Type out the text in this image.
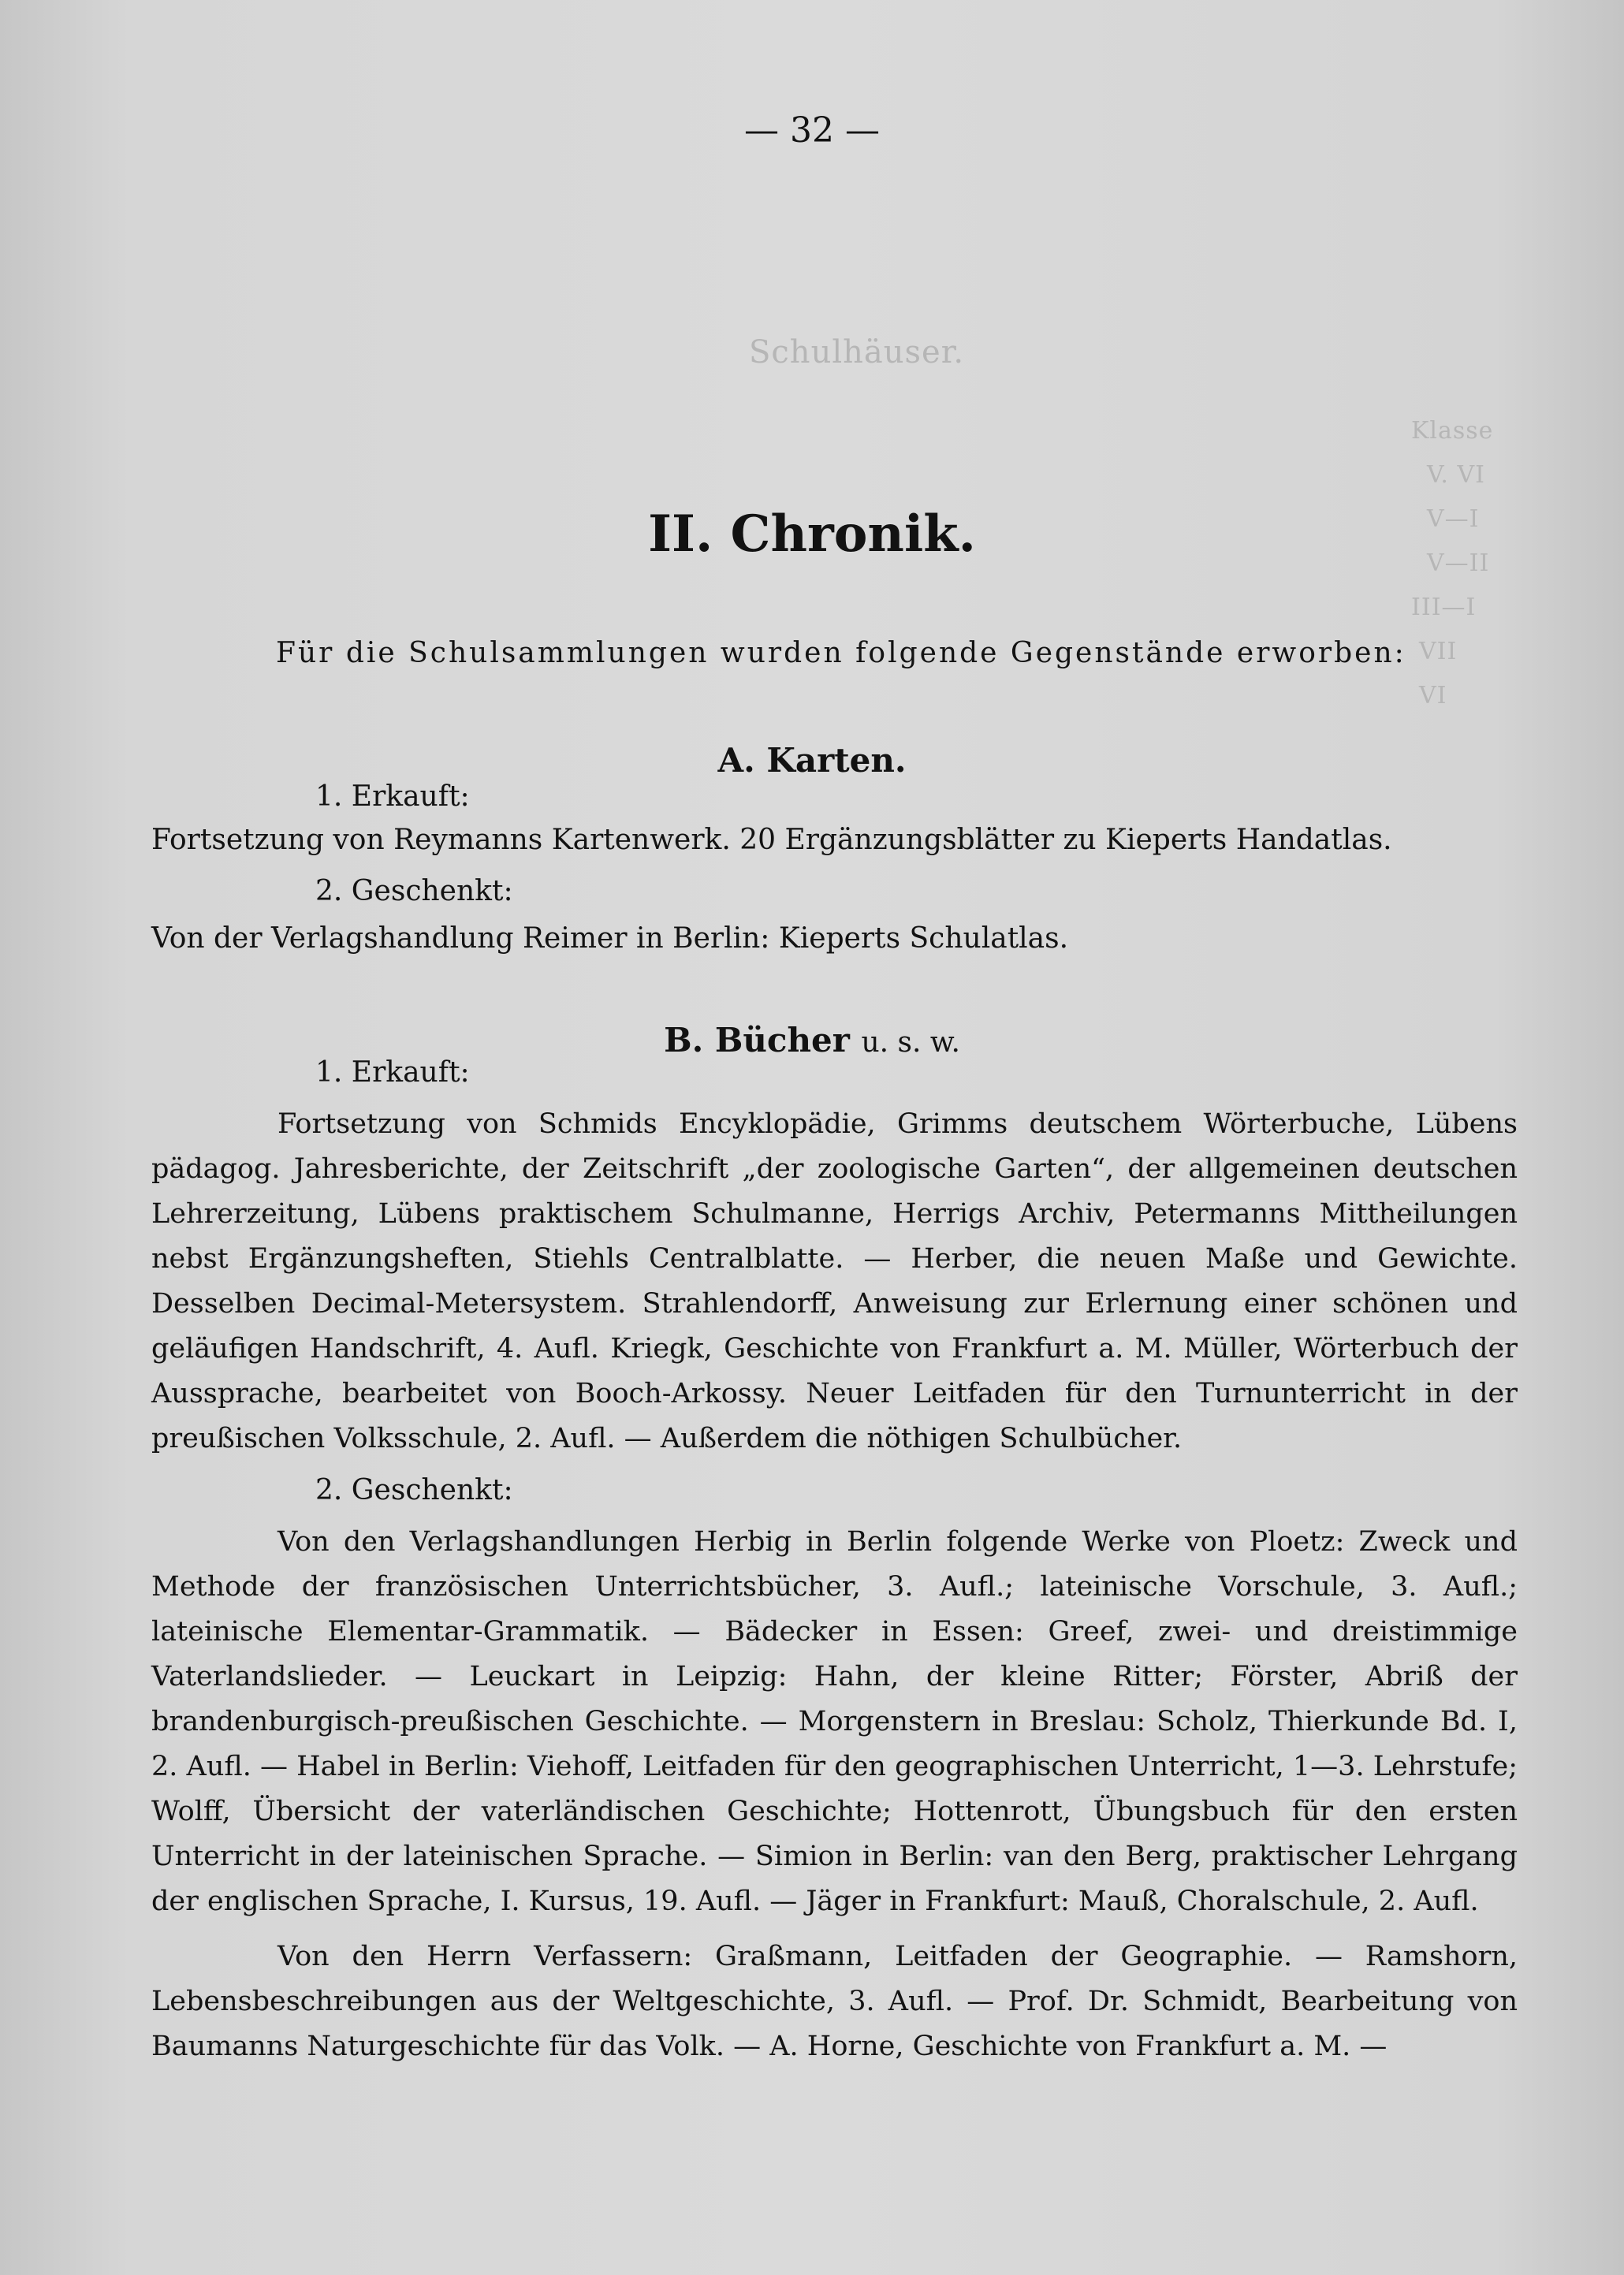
Schulhäuser.
Klasse
V. VI
V—I
V—II
III—I
VII
VI
— 32 —
II. Chronik.
Für die Schulsammlungen wurden folgende Gegenstände erworben:
A. Karten.
1. Erkauft:
Fortsetzung von Reymanns Kartenwerk. 20 Ergänzungsblätter zu Kieperts Handatlas.
2. Geschenkt:
Von der Verlagshandlung Reimer in Berlin: Kieperts Schulatlas.
B. Bücher u. s. w.
1. Erkauft:
Fortsetzung von Schmids Encyklopädie, Grimms deutschem Wörterbuche, Lübens pädagog. Jahresberichte, der Zeitschrift „der zoologische Garten“, der allgemeinen deutschen Lehrerzeitung, Lübens praktischem Schulmanne, Herrigs Archiv, Petermanns Mittheilungen nebst Ergänzungsheften, Stiehls Centralblatte. — Herber, die neuen Maße und Gewichte. Desselben Decimal-Metersystem. Strahlendorff, Anweisung zur Erlernung einer schönen und geläufigen Handschrift, 4. Aufl. Kriegk, Geschichte von Frankfurt a. M. Müller, Wörterbuch der Aussprache, bearbeitet von Booch-Arkossy. Neuer Leitfaden für den Turnunterricht in der preußischen Volksschule, 2. Aufl. — Außerdem die nöthigen Schulbücher.
2. Geschenkt:
Von den Verlagshandlungen Herbig in Berlin folgende Werke von Ploetz: Zweck und Methode der französischen Unterrichtsbücher, 3. Aufl.; lateinische Vorschule, 3. Aufl.; lateinische Elementar-Grammatik. — Bädecker in Essen: Greef, zwei- und dreistimmige Vaterlandslieder. — Leuckart in Leipzig: Hahn, der kleine Ritter; Förster, Abriß der brandenburgisch-preußischen Geschichte. — Morgenstern in Breslau: Scholz, Thierkunde Bd. I, 2. Aufl. — Habel in Berlin: Viehoff, Leitfaden für den geographischen Unterricht, 1—3. Lehrstufe; Wolff, Übersicht der vaterländischen Geschichte; Hottenrott, Übungsbuch für den ersten Unterricht in der lateinischen Sprache. — Simion in Berlin: van den Berg, praktischer Lehrgang der englischen Sprache, I. Kursus, 19. Aufl. — Jäger in Frankfurt: Mauß, Choralschule, 2. Aufl.
Von den Herrn Verfassern: Graßmann, Leitfaden der Geographie. — Ramshorn, Lebensbeschreibungen aus der Weltgeschichte, 3. Aufl. — Prof. Dr. Schmidt, Bearbeitung von Baumanns Naturgeschichte für das Volk. — A. Horne, Geschichte von Frankfurt a. M. —
